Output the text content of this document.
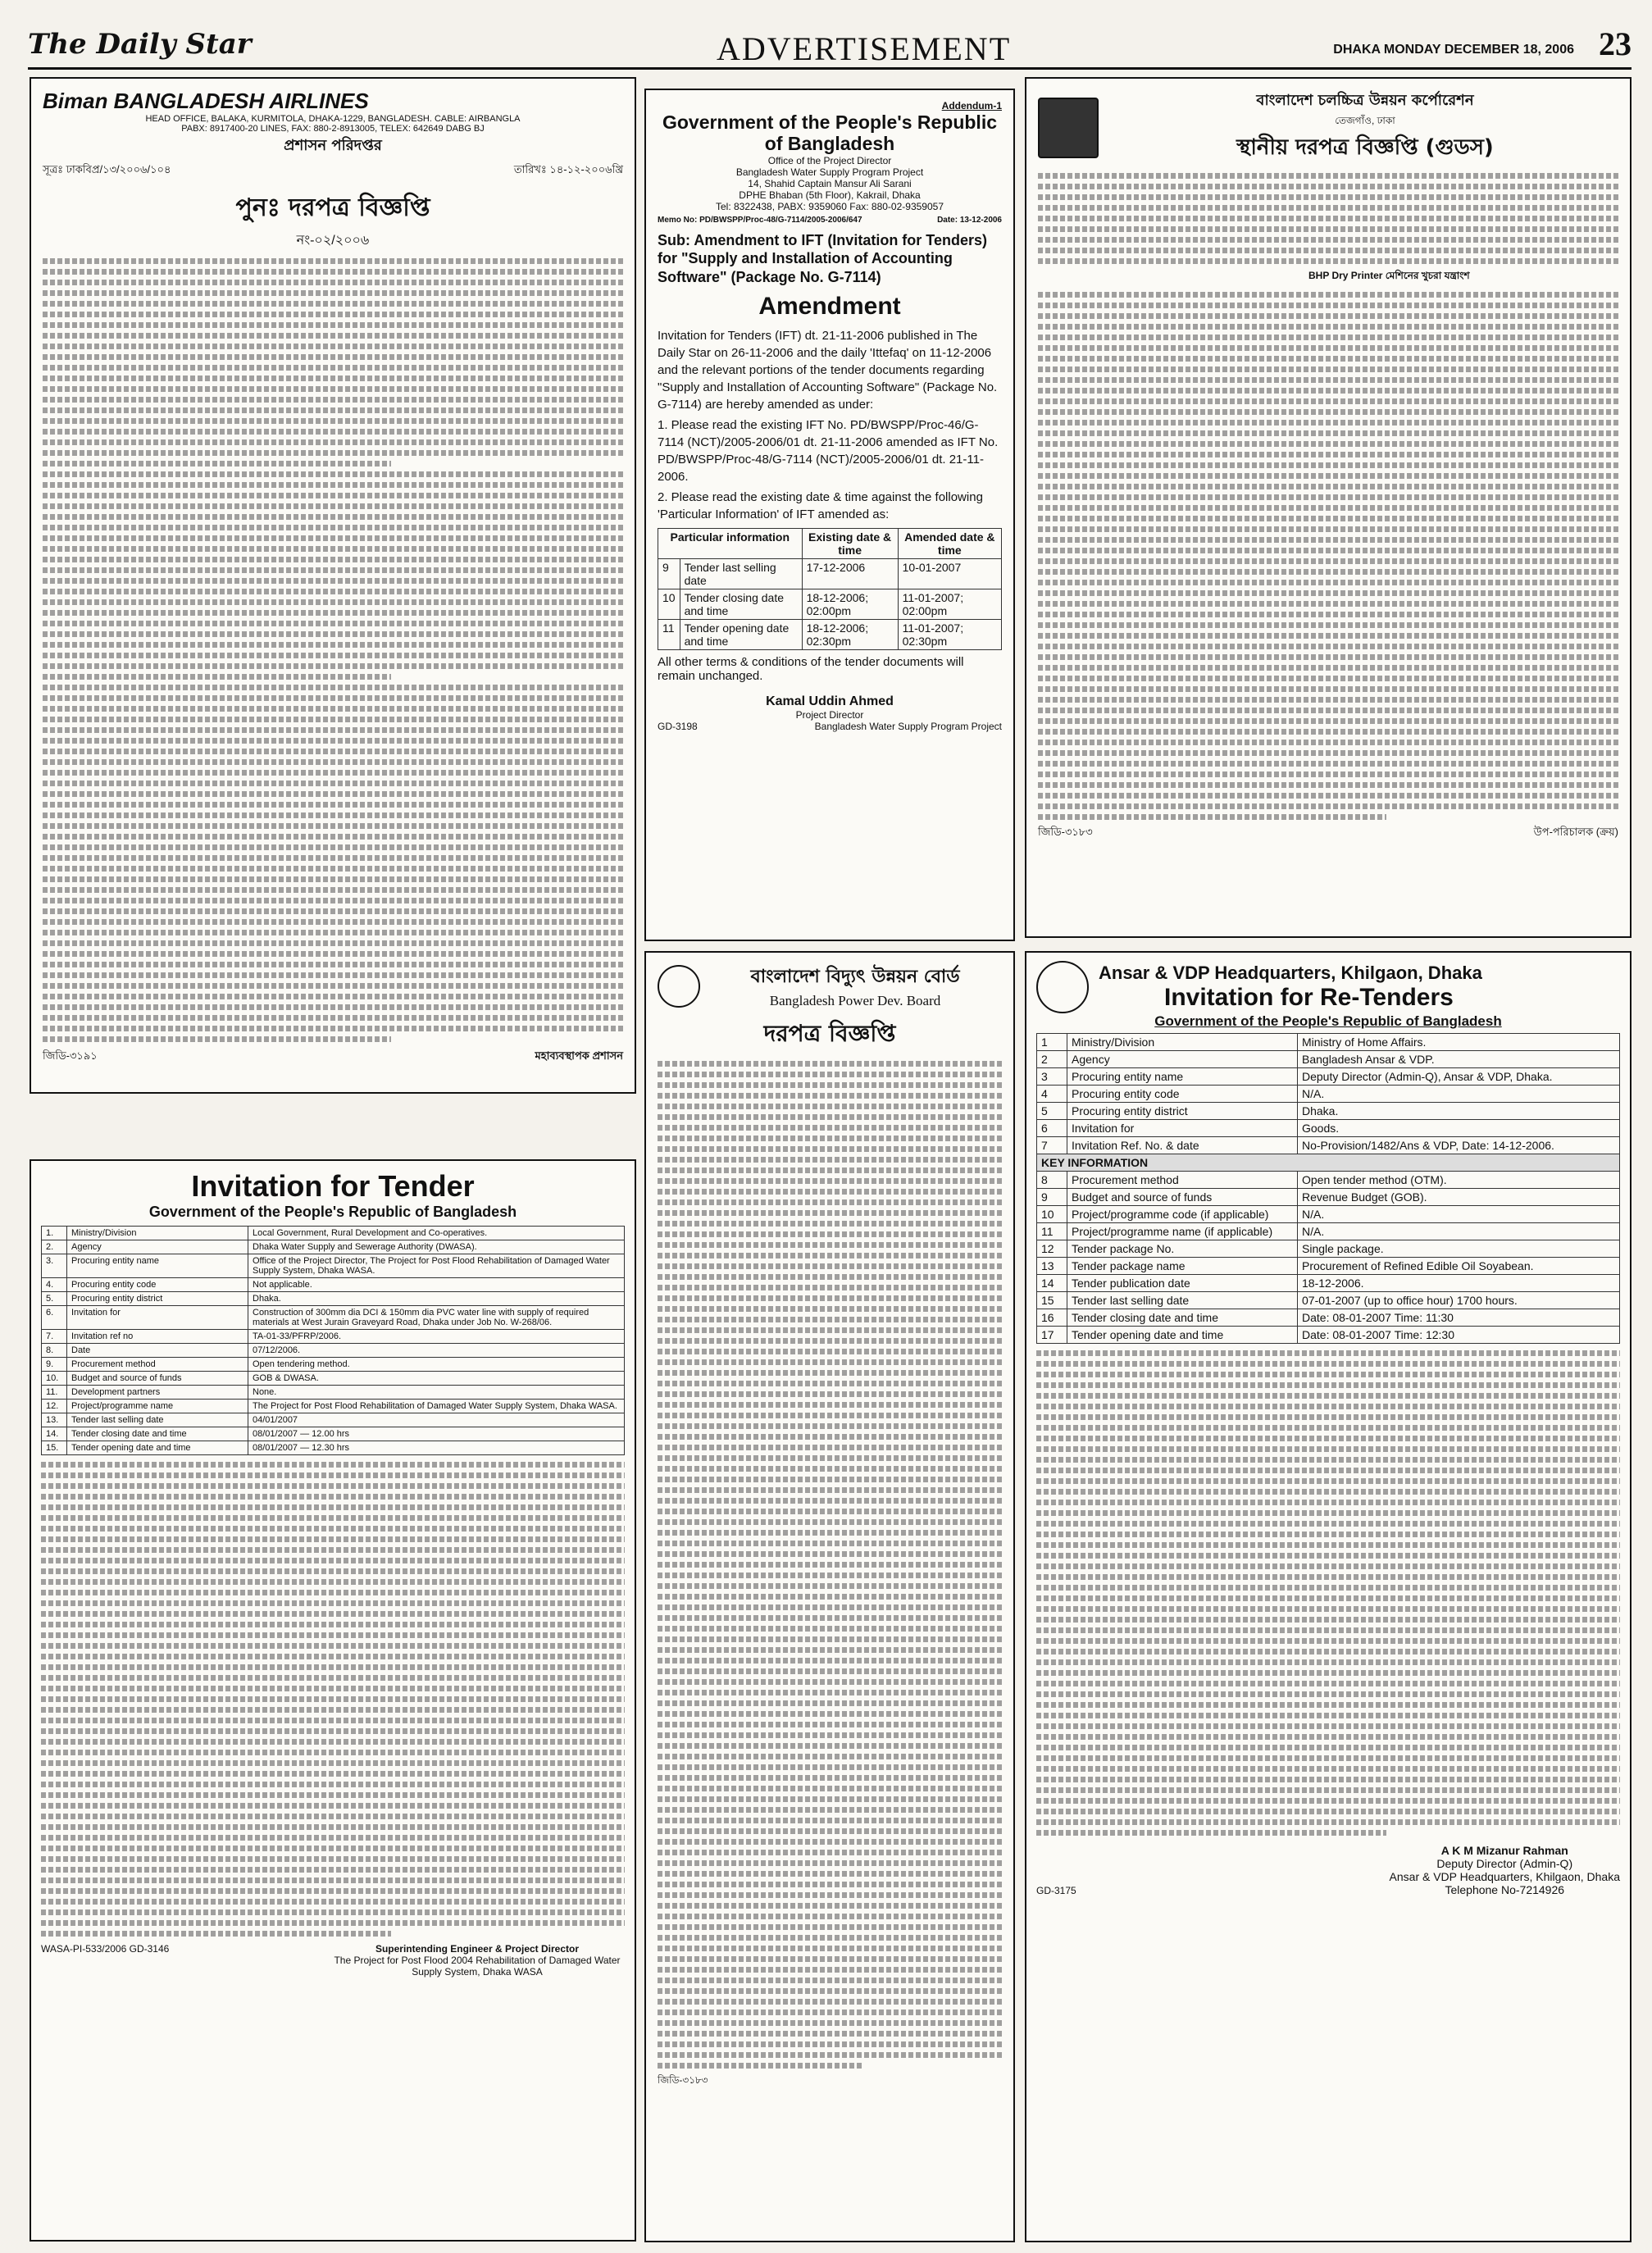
The Daily Star	ADVERTISEMENT	DHAKA MONDAY DECEMBER 18, 2006 23
Biman BANGLADESH AIRLINES
HEAD OFFICE, BALAKA, KURMITOLA, DHAKA-1229, BANGLADESH. CABLE: AIRBANGLA
PABX: 8917400-20 LINES, FAX: 880-2-8913005, TELEX: 642649 DABG BJ
প্রশাসন পরিদপ্তর
সূত্রঃ ঢাকবিপ্র/১৩/২০০৬/১০৪	তারিখঃ ১৪-১২-২০০৬খ্রি
পুনঃ দরপত্র বিজ্ঞপ্তি
নং-০২/২০০৬
জিডি-৩১৯১	মহাব্যবস্থাপক প্রশাসন
Addendum-1
Government of the People's Republic of Bangladesh
Office of the Project Director
Bangladesh Water Supply Program Project
14, Shahid Captain Mansur Ali Sarani
DPHE Bhaban (5th Floor), Kakrail, Dhaka
Tel: 8322438, PABX: 9359060 Fax: 880-02-9359057
Memo No: PD/BWSPP/Proc-48/G-7114/2005-2006/647	Date: 13-12-2006
Sub: Amendment to IFT (Invitation for Tenders) for "Supply and Installation of Accounting Software" (Package No. G-7114)
Amendment
Invitation for Tenders (IFT) dt. 21-11-2006 published in The Daily Star on 26-11-2006 and the daily 'Ittefaq' on 11-12-2006 and the relevant portions of the tender documents regarding "Supply and Installation of Accounting Software" (Package No. G-7114) are hereby amended as under:
1. Please read the existing IFT No. PD/BWSPP/Proc-46/G-7114 (NCT)/2005-2006/01 dt. 21-11-2006 amended as IFT No. PD/BWSPP/Proc-48/G-7114 (NCT)/2005-2006/01 dt. 21-11-2006.
2. Please read the existing date & time against the following 'Particular Information' of IFT amended as:
Particular information		Existing date & time	Amended date & time
9	Tender last selling date	17-12-2006	10-01-2007
10	Tender closing date and time	18-12-2006; 02:00pm	11-01-2007; 02:00pm
11	Tender opening date and time	18-12-2006; 02:30pm	11-01-2007; 02:30pm
All other terms & conditions of the tender documents will remain unchanged.
Kamal Uddin Ahmed
Project Director
GD-3198	Bangladesh Water Supply Program Project
বাংলাদেশ চলচ্চিত্র উন্নয়ন কর্পোরেশন
তেজগাঁও, ঢাকা
স্থানীয় দরপত্র বিজ্ঞপ্তি (গুডস)
BHP Dry Printer মেশিনের খুচরা যন্ত্রাংশ
জিডি-৩১৮৩	উপ-পরিচালক (ক্রয়)
Invitation for Tender
Government of the People's Republic of Bangladesh
1.	Ministry/Division	Local Government, Rural Development and Co-operatives.
2.	Agency	Dhaka Water Supply and Sewerage Authority (DWASA).
3.	Procuring entity name	Office of the Project Director, The Project for Post Flood Rehabilitation of Damaged Water Supply System, Dhaka WASA.
4.	Procuring entity code	Not applicable.
5.	Procuring entity district	Dhaka.
6.	Invitation for	Construction of 300mm dia DCI & 150mm dia PVC water line with supply of required materials at West Jurain Graveyard Road, Dhaka under Job No. W-268/06.
7.	Invitation ref no	TA-01-33/PFRP/2006.
8.	Date	07/12/2006.
9.	Procurement method	Open tendering method.
10.	Budget and source of funds	GOB & DWASA.
11.	Development partners	None.
12.	Project/programme name	The Project for Post Flood Rehabilitation of Damaged Water Supply System, Dhaka WASA.
13.	Tender last selling date	04/01/2007
14.	Tender closing date and time	08/01/2007 — 12.00 hrs
15.	Tender opening date and time	08/01/2007 — 12.30 hrs
WASA-PI-533/2006 GD-3146	Superintending Engineer & Project Director
The Project for Post Flood 2004 Rehabilitation of Damaged Water Supply System, Dhaka WASA
বাংলাদেশ বিদ্যুৎ উন্নয়ন বোর্ড
Bangladesh Power Dev. Board
দরপত্র বিজ্ঞপ্তি
জিডি-৩১৮৩
Ansar & VDP Headquarters, Khilgaon, Dhaka
Invitation for Re-Tenders
Government of the People's Republic of Bangladesh
1	Ministry/Division	Ministry of Home Affairs.
2	Agency	Bangladesh Ansar & VDP.
3	Procuring entity name	Deputy Director (Admin-Q), Ansar & VDP, Dhaka.
4	Procuring entity code	N/A.
5	Procuring entity district	Dhaka.
6	Invitation for	Goods.
7	Invitation Ref. No. & date	No-Provision/1482/Ans & VDP, Date: 14-12-2006.
KEY INFORMATION		
8	Procurement method	Open tender method (OTM).
9	Budget and source of funds	Revenue Budget (GOB).
10	Project/programme code (if applicable)	N/A.
11	Project/programme name (if applicable)	N/A.
12	Tender package No.	Single package.
13	Tender package name	Procurement of Refined Edible Oil Soyabean.
14	Tender publication date	18-12-2006.
15	Tender last selling date	07-01-2007 (up to office hour) 1700 hours.
16	Tender closing date and time	Date: 08-01-2007 Time: 11:30
17	Tender opening date and time	Date: 08-01-2007 Time: 12:30
GD-3175
A K M Mizanur Rahman
Deputy Director (Admin-Q)
Ansar & VDP Headquarters, Khilgaon, Dhaka
Telephone No-7214926
